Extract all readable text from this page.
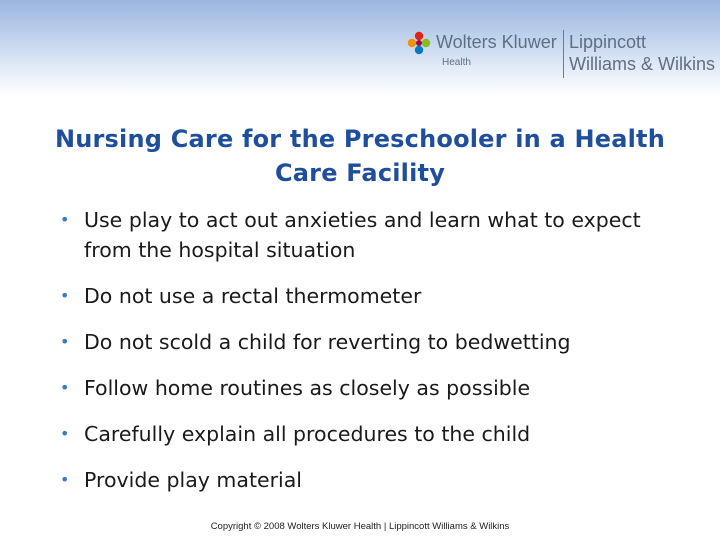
Wolters Kluwer
Health
Lippincott
Williams & Wilkins
Nursing Care for the Preschooler in a Health Care Facility
• Use play to act out anxieties and learn what to expect from the hospital situation
• Do not use a rectal thermometer
• Do not scold a child for reverting to bedwetting
• Follow home routines as closely as possible
• Carefully explain all procedures to the child
• Provide play material
Copyright © 2008 Wolters Kluwer Health | Lippincott Williams & Wilkins
